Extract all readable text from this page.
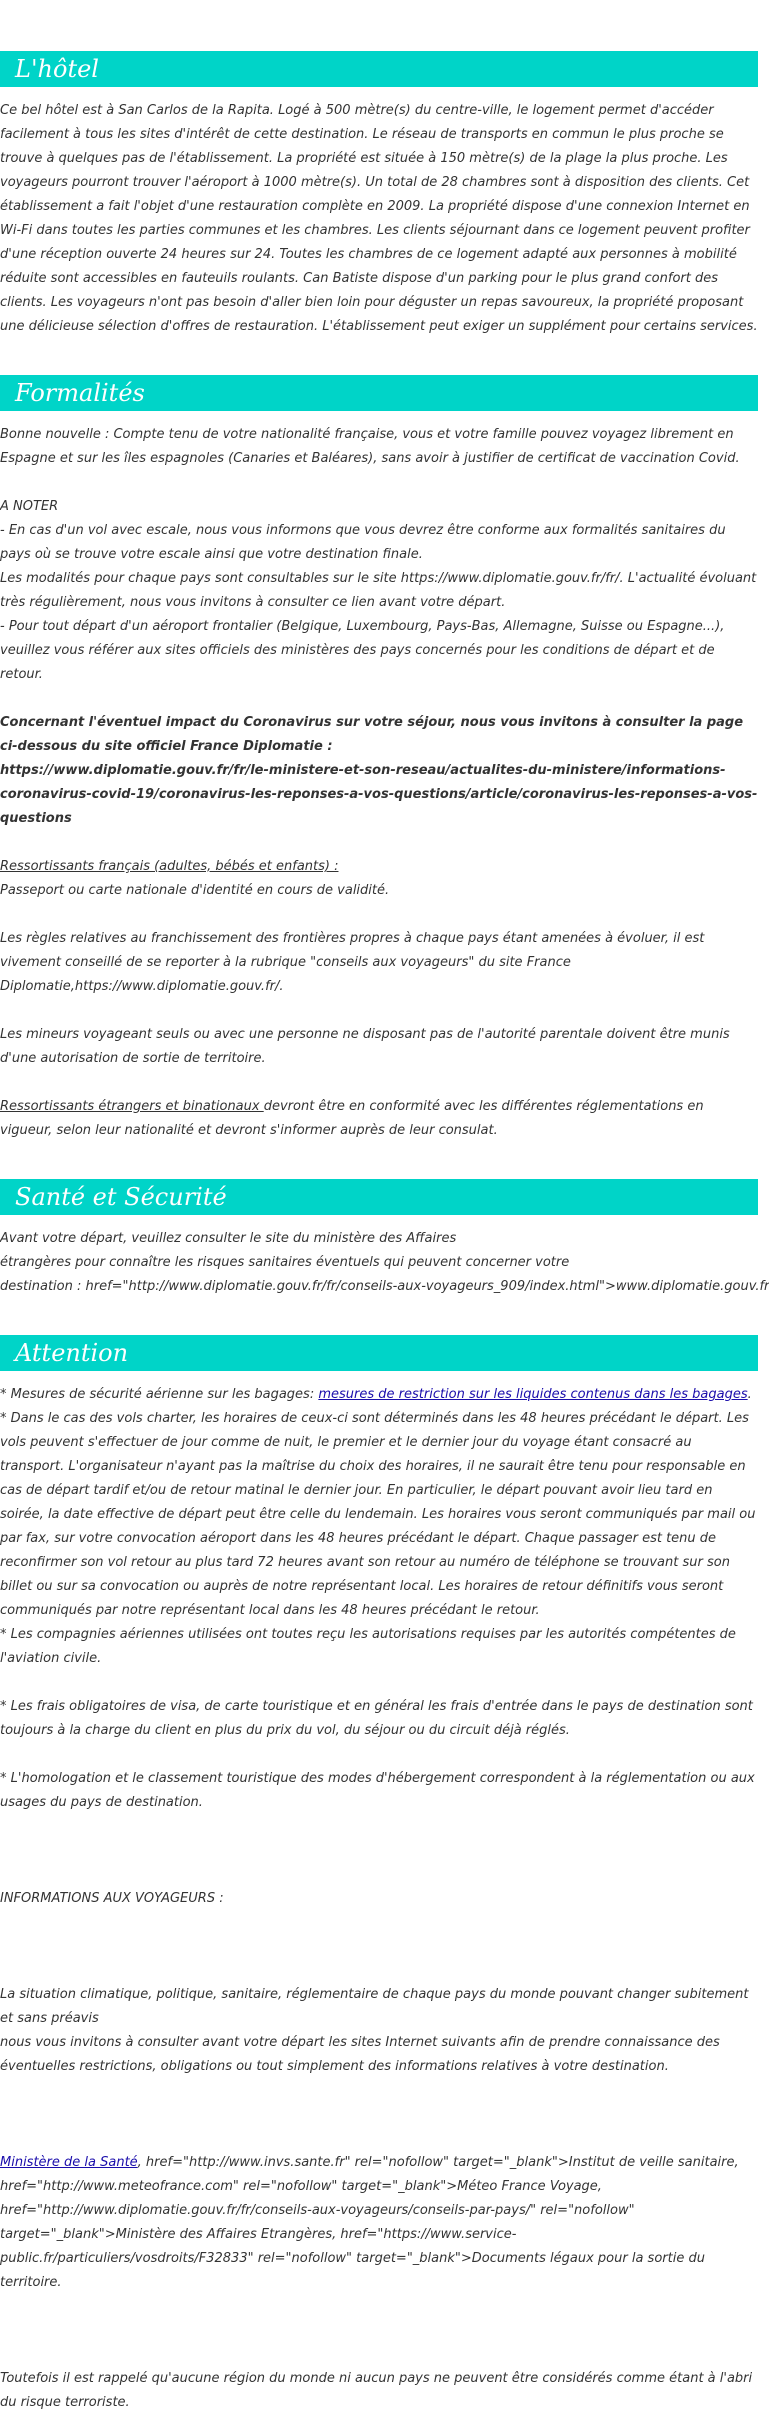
L'hôtel

Ce bel hôtel est à San Carlos de la Rapita. Logé à 500 mètre(s) du centre-ville, le logement permet d'accéder facilement à tous les sites d'intérêt de cette destination. Le réseau de transports en commun le plus proche se trouve à quelques pas de l'établissement. La propriété est située à 150 mètre(s) de la plage la plus proche. Les voyageurs pourront trouver l'aéroport à 1000 mètre(s). Un total de 28 chambres sont à disposition des clients. Cet établissement a fait l'objet d'une restauration complète en 2009. La propriété dispose d'une connexion Internet en Wi-Fi dans toutes les parties communes et les chambres. Les clients séjournant dans ce logement peuvent profiter d'une réception ouverte 24 heures sur 24. Toutes les chambres de ce logement adapté aux personnes à mobilité réduite sont accessibles en fauteuils roulants. Can Batiste dispose d'un parking pour le plus grand confort des clients. Les voyageurs n'ont pas besoin d'aller bien loin pour déguster un repas savoureux, la propriété proposant une délicieuse sélection d'offres de restauration. L'établissement peut exiger un supplément pour certains services.

Formalités

Bonne nouvelle : Compte tenu de votre nationalité française, vous et votre famille pouvez voyagez librement en Espagne et sur les îles espagnoles (Canaries et Baléares), sans avoir à justifier de certificat de vaccination Covid.

A NOTER
- En cas d'un vol avec escale, nous vous informons que vous devrez être conforme aux formalités sanitaires du pays où se trouve votre escale ainsi que votre destination finale.
Les modalités pour chaque pays sont consultables sur le site https://www.diplomatie.gouv.fr/fr/. L'actualité évoluant très régulièrement, nous vous invitons à consulter ce lien avant votre départ.
- Pour tout départ d'un aéroport frontalier (Belgique, Luxembourg, Pays-Bas, Allemagne, Suisse ou Espagne...), veuillez vous référer aux sites officiels des ministères des pays concernés pour les conditions de départ et de retour.

Concernant l'éventuel impact du Coronavirus sur votre séjour, nous vous invitons à consulter la page ci-dessous du site officiel France Diplomatie :
https://www.diplomatie.gouv.fr/fr/le-ministere-et-son-reseau/actualites-du-ministere/informations-coronavirus-covid-19/coronavirus-les-reponses-a-vos-questions/article/coronavirus-les-reponses-a-vos-questions

Ressortissants français (adultes, bébés et enfants) :
Passeport ou carte nationale d'identité en cours de validité.

Les règles relatives au franchissement des frontières propres à chaque pays étant amenées à évoluer, il est vivement conseillé de se reporter à la rubrique "conseils aux voyageurs" du site France Diplomatie,https://www.diplomatie.gouv.fr/.

Les mineurs voyageant seuls ou avec une personne ne disposant pas de l'autorité parentale doivent être munis d'une autorisation de sortie de territoire.

Ressortissants étrangers et binationaux devront être en conformité avec les différentes réglementations en vigueur, selon leur nationalité et devront s'informer auprès de leur consulat.

Santé et Sécurité

Avant votre départ, veuillez consulter le site du ministère des Affaires
étrangères pour connaître les risques sanitaires éventuels qui peuvent concerner votre
destination : href="http://www.diplomatie.gouv.fr/fr/conseils-aux-voyageurs_909/index.html">www.diplomatie.gouv.fr

Attention

* Mesures de sécurité aérienne sur les bagages: mesures de restriction sur les liquides contenus dans les bagages.

* Dans le cas des vols charter, les horaires de ceux-ci sont déterminés dans les 48 heures précédant le départ. Les vols peuvent s'effectuer de jour comme de nuit, le premier et le dernier jour du voyage étant consacré au transport. L'organisateur n'ayant pas la maîtrise du choix des horaires, il ne saurait être tenu pour responsable en cas de départ tardif et/ou de retour matinal le dernier jour. En particulier, le départ pouvant avoir lieu tard en soirée, la date effective de départ peut être celle du lendemain. Les horaires vous seront communiqués par mail ou par fax, sur votre convocation aéroport dans les 48 heures précédant le départ. Chaque passager est tenu de reconfirmer son vol retour au plus tard 72 heures avant son retour au numéro de téléphone se trouvant sur son billet ou sur sa convocation ou auprès de notre représentant local. Les horaires de retour définitifs vous seront communiqués par notre représentant local dans les 48 heures précédant le retour.
* Les compagnies aériennes utilisées ont toutes reçu les autorisations requises par les autorités compétentes de l'aviation civile.

* Les frais obligatoires de visa, de carte touristique et en général les frais d'entrée dans le pays de destination sont toujours à la charge du client en plus du prix du vol, du séjour ou du circuit déjà réglés.

* L'homologation et le classement touristique des modes d'hébergement correspondent à la réglementation ou aux usages du pays de destination.

INFORMATIONS AUX VOYAGEURS :

La situation climatique, politique, sanitaire, réglementaire de chaque pays du monde pouvant changer subitement et sans préavis
nous vous invitons à consulter avant votre départ les sites Internet suivants afin de prendre connaissance des éventuelles restrictions, obligations ou tout simplement des informations relatives à votre destination.

Ministère de la Santé, href="http://www.invs.sante.fr" rel="nofollow" target="_blank">Institut de veille sanitaire, href="http://www.meteofrance.com" rel="nofollow" target="_blank">Méteo France Voyage, href="http://www.diplomatie.gouv.fr/fr/conseils-aux-voyageurs/conseils-par-pays/" rel="nofollow" target="_blank">Ministère des Affaires Etrangères, href="https://www.service-public.fr/particuliers/vosdroits/F32833" rel="nofollow" target="_blank">Documents légaux pour la sortie du territoire.

Toutefois il est rappelé qu'aucune région du monde ni aucun pays ne peuvent être considérés comme étant à l'abri du risque terroriste.
